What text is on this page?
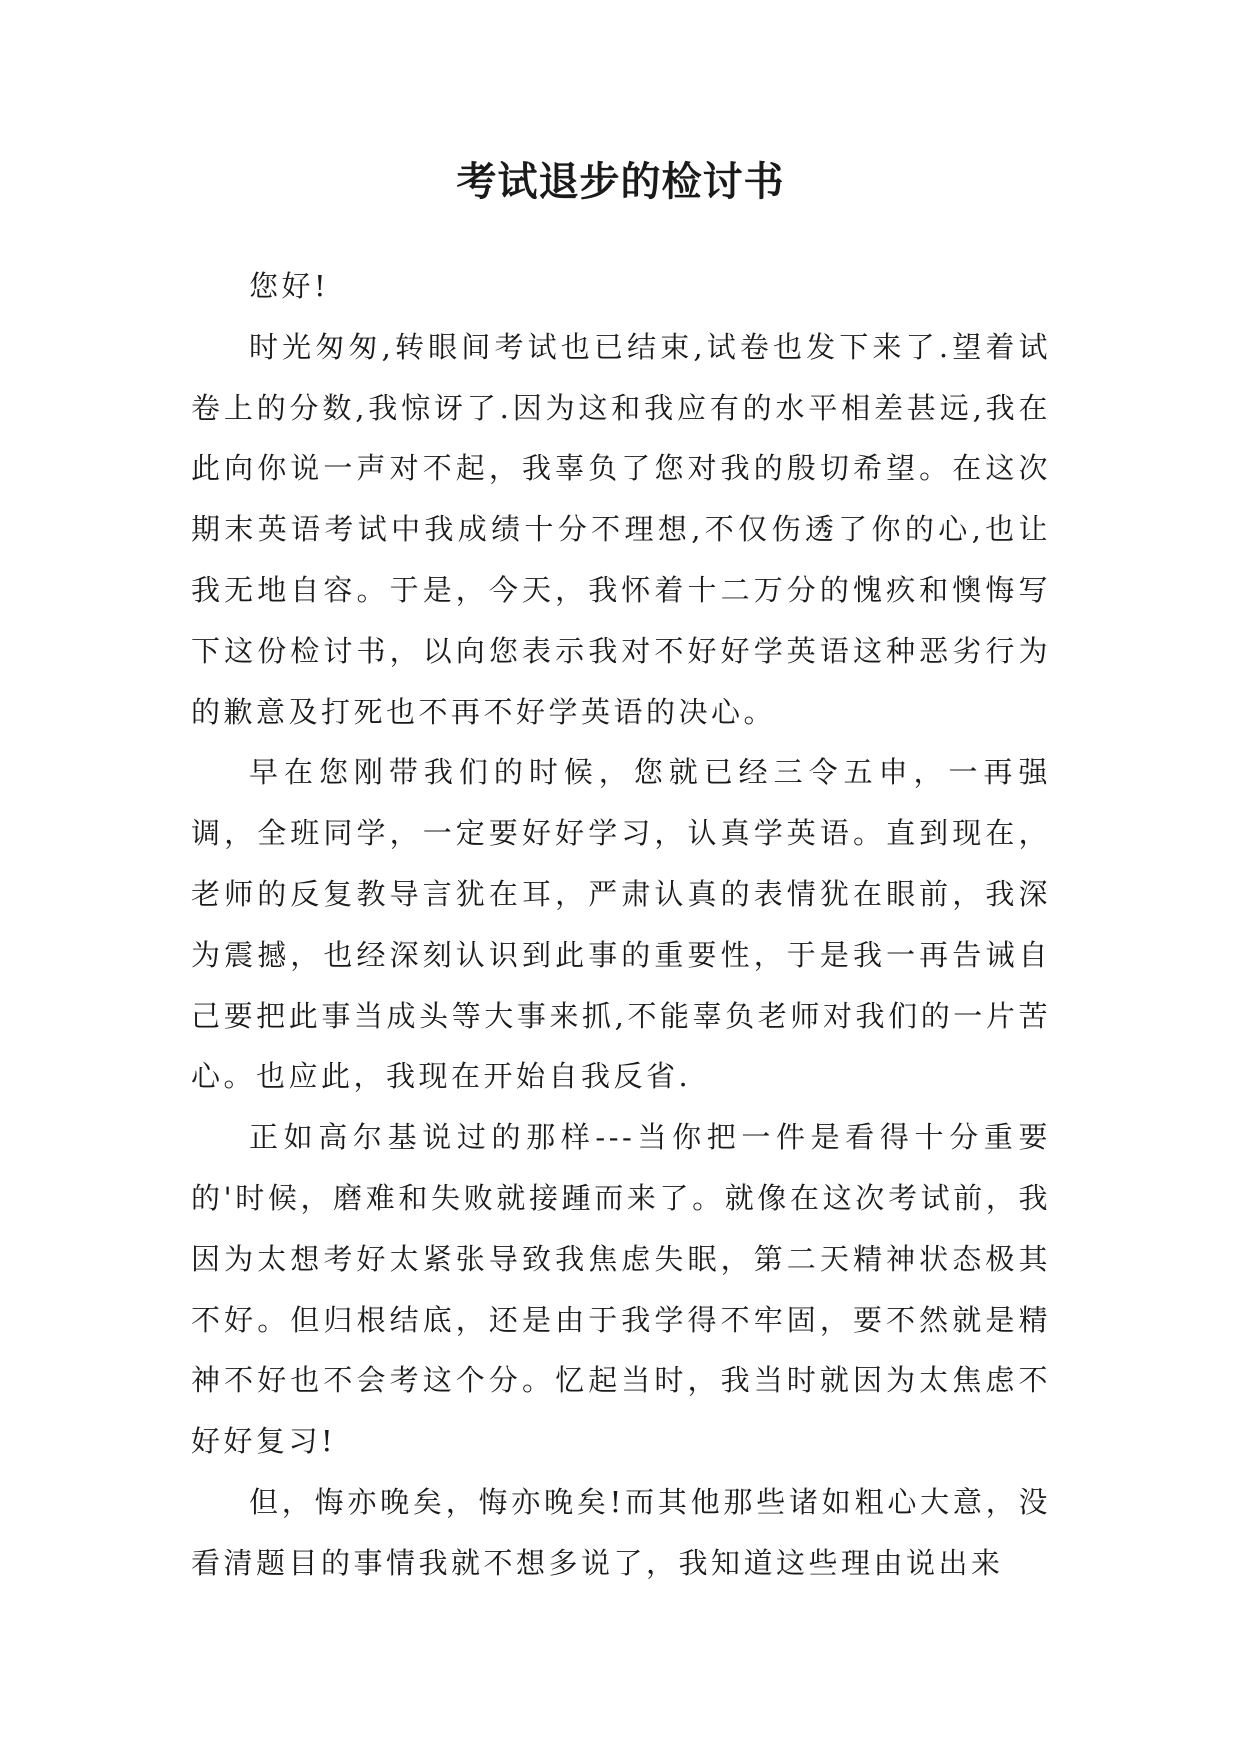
考试退步的检讨书

您好!

时光匆匆,转眼间考试也已结束,试卷也发下来了.望着试卷上的分数,我惊讶了.因为这和我应有的水平相差甚远,我在此向你说一声对不起，我辜负了您对我的殷切希望。在这次期末英语考试中我成绩十分不理想,不仅伤透了你的心,也让我无地自容。于是，今天，我怀着十二万分的愧疚和懊悔写下这份检讨书，以向您表示我对不好好学英语这种恶劣行为的歉意及打死也不再不好学英语的决心。

早在您刚带我们的时候，您就已经三令五申，一再强调，全班同学，一定要好好学习，认真学英语。直到现在，老师的反复教导言犹在耳，严肃认真的表情犹在眼前，我深为震撼，也经深刻认识到此事的重要性，于是我一再告诫自己要把此事当成头等大事来抓,不能辜负老师对我们的一片苦心。也应此，我现在开始自我反省.

正如高尔基说过的那样---当你把一件是看得十分重要的'时候，磨难和失败就接踵而来了。就像在这次考试前，我因为太想考好太紧张导致我焦虑失眠，第二天精神状态极其不好。但归根结底，还是由于我学得不牢固，要不然就是精神不好也不会考这个分。忆起当时，我当时就因为太焦虑不好好复习!

但，悔亦晚矣，悔亦晚矣!而其他那些诸如粗心大意，没看清题目的事情我就不想多说了，我知道这些理由说出来
